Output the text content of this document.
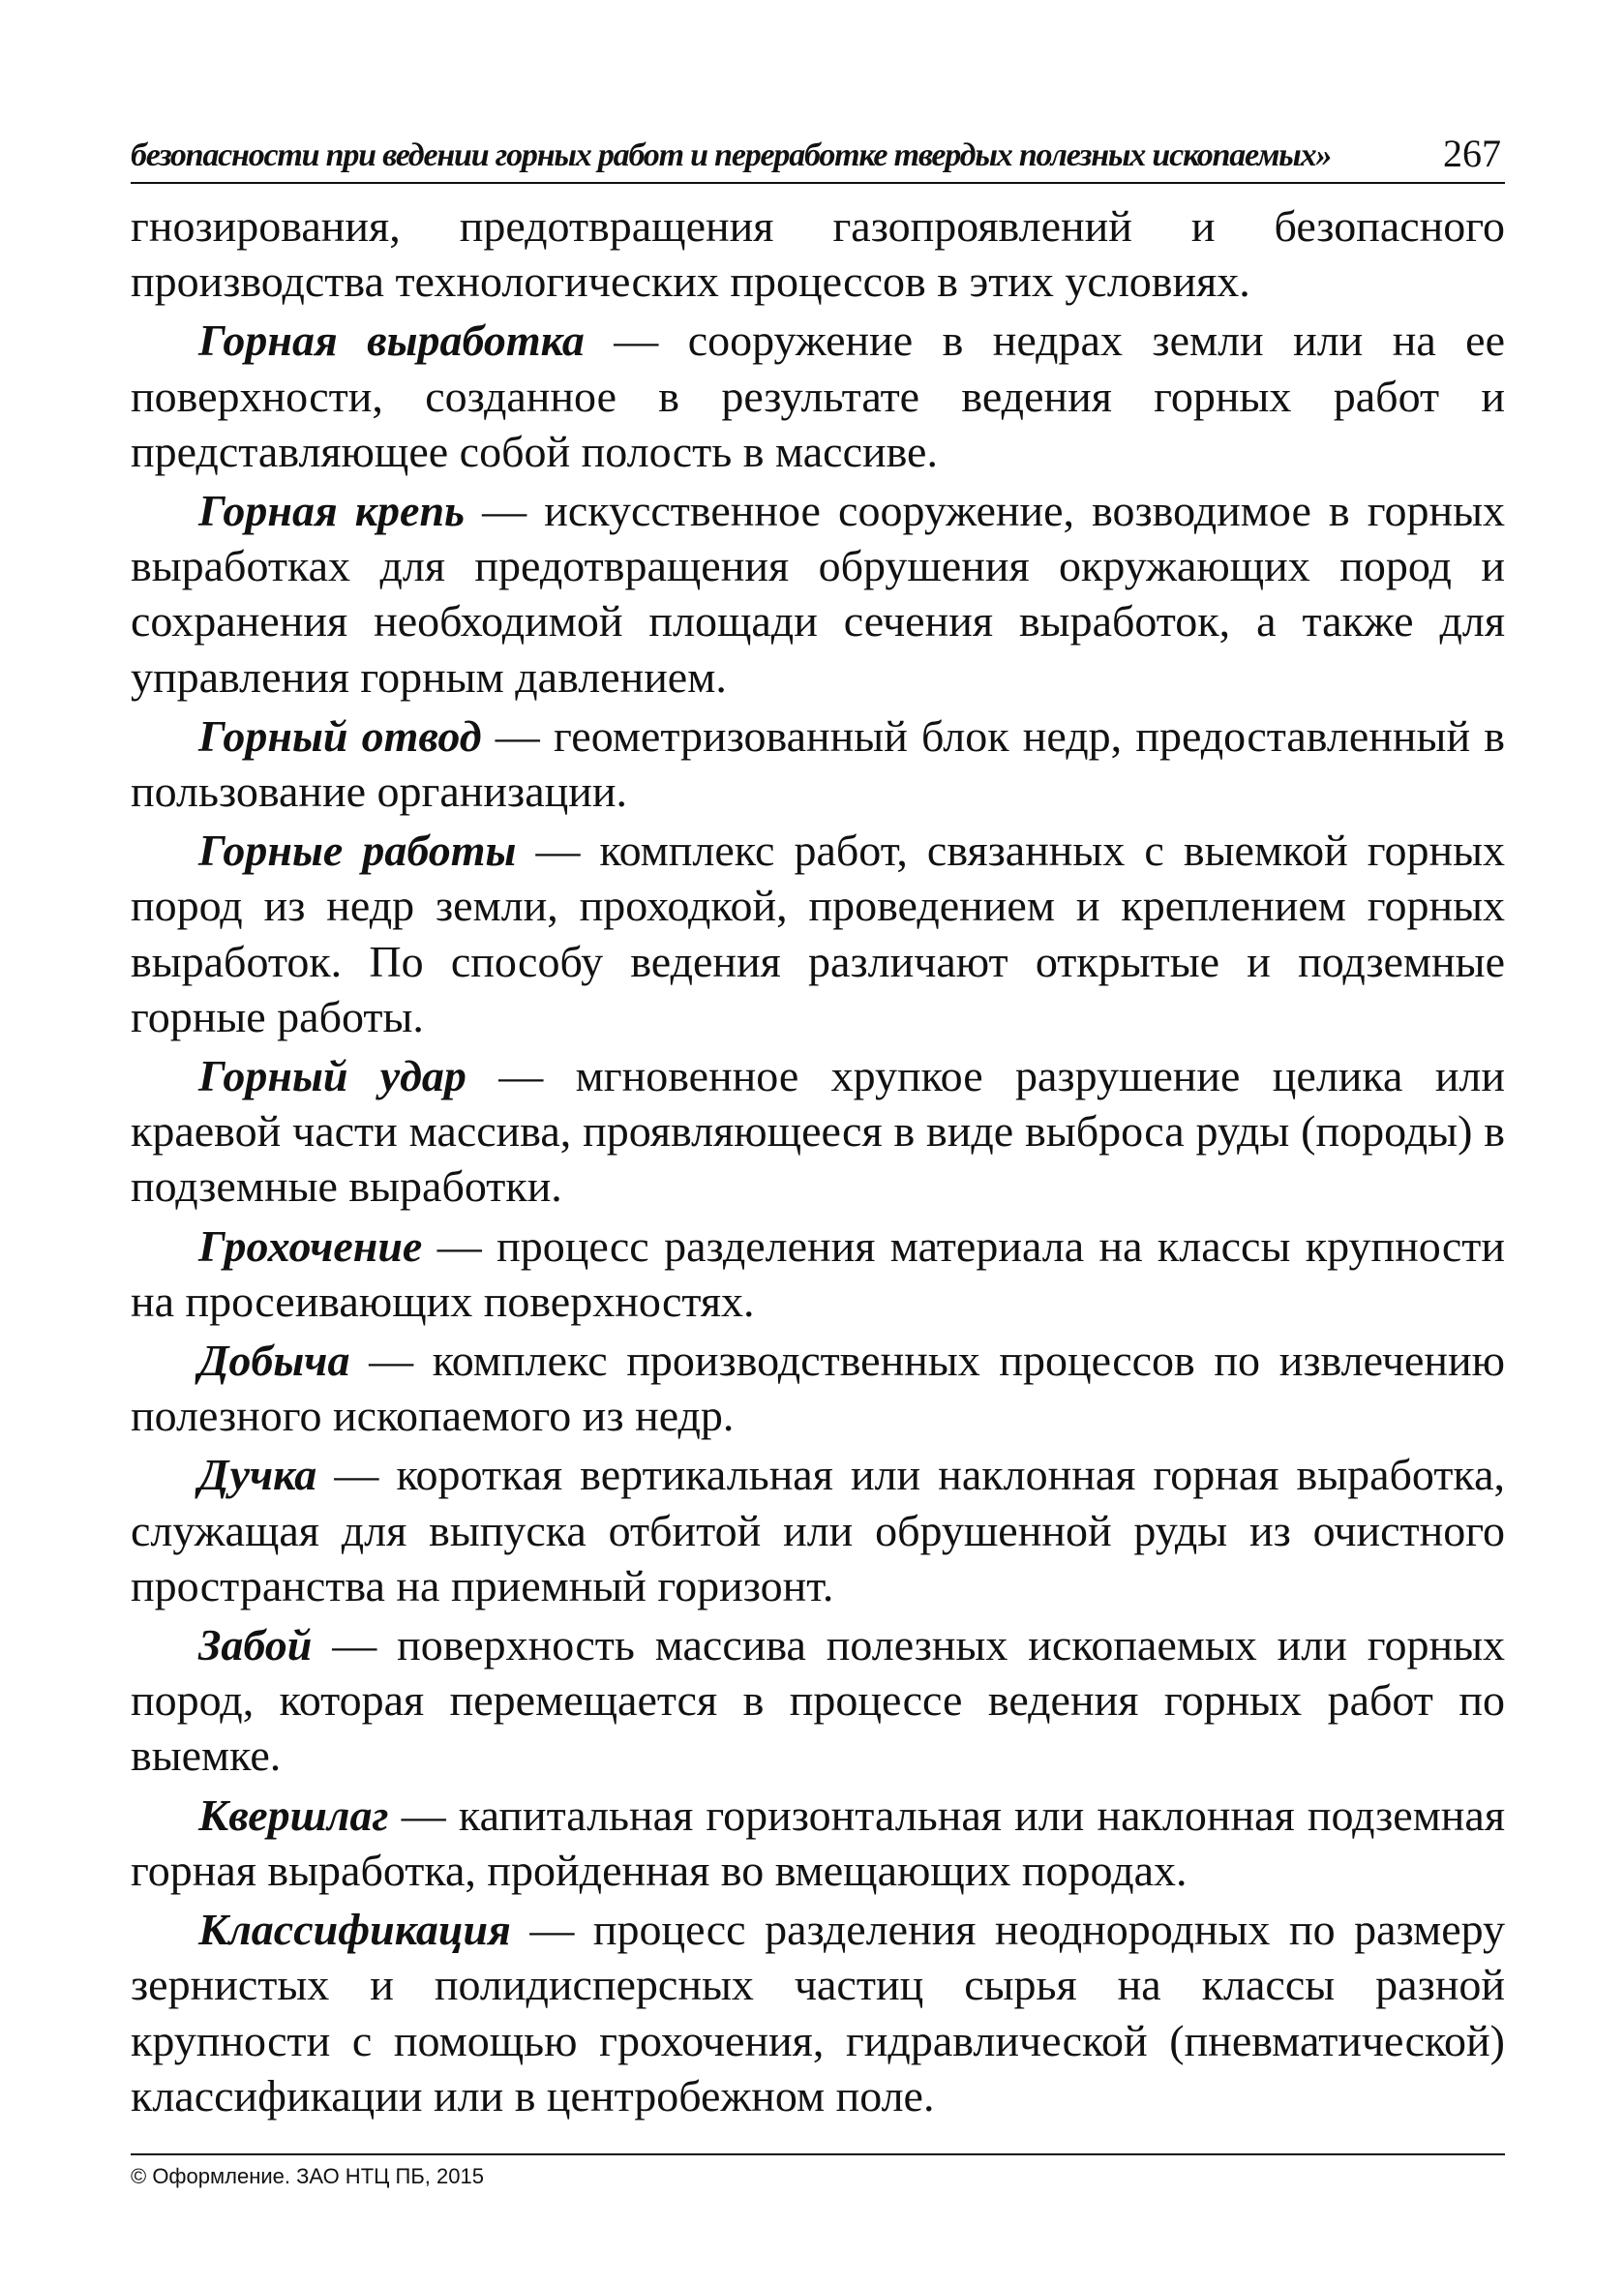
безопасности при ведении горных работ и переработке твердых полезных ископаемых»	267

гнозирования, предотвращения газопроявлений и безопасного производства технологических процессов в этих условиях.

Горная выработка — сооружение в недрах земли или на ее поверхности, созданное в результате ведения горных работ и представляющее собой полость в массиве.

Горная крепь — искусственное сооружение, возводимое в горных выработках для предотвращения обрушения окружающих пород и сохранения необходимой площади сечения выработок, а также для управления горным давлением.

Горный отвод — геометризованный блок недр, предоставленный в пользование организации.

Горные работы — комплекс работ, связанных с выемкой горных пород из недр земли, проходкой, проведением и креплением горных выработок. По способу ведения различают открытые и подземные горные работы.

Горный удар — мгновенное хрупкое разрушение целика или краевой части массива, проявляющееся в виде выброса руды (породы) в подземные выработки.

Грохочение — процесс разделения материала на классы крупности на просеивающих поверхностях.

Добыча — комплекс производственных процессов по извлечению полезного ископаемого из недр.

Дучка — короткая вертикальная или наклонная горная выработка, служащая для выпуска отбитой или обрушенной руды из очистного пространства на приемный горизонт.

Забой — поверхность массива полезных ископаемых или горных пород, которая перемещается в процессе ведения горных работ по выемке.

Квершлаг — капитальная горизонтальная или наклонная подземная горная выработка, пройденная во вмещающих породах.

Классификация — процесс разделения неоднородных по размеру зернистых и полидисперсных частиц сырья на классы разной крупности с помощью грохочения, гидравлической (пневматической) классификации или в центробежном поле.

© Оформление. ЗАО НТЦ ПБ, 2015
